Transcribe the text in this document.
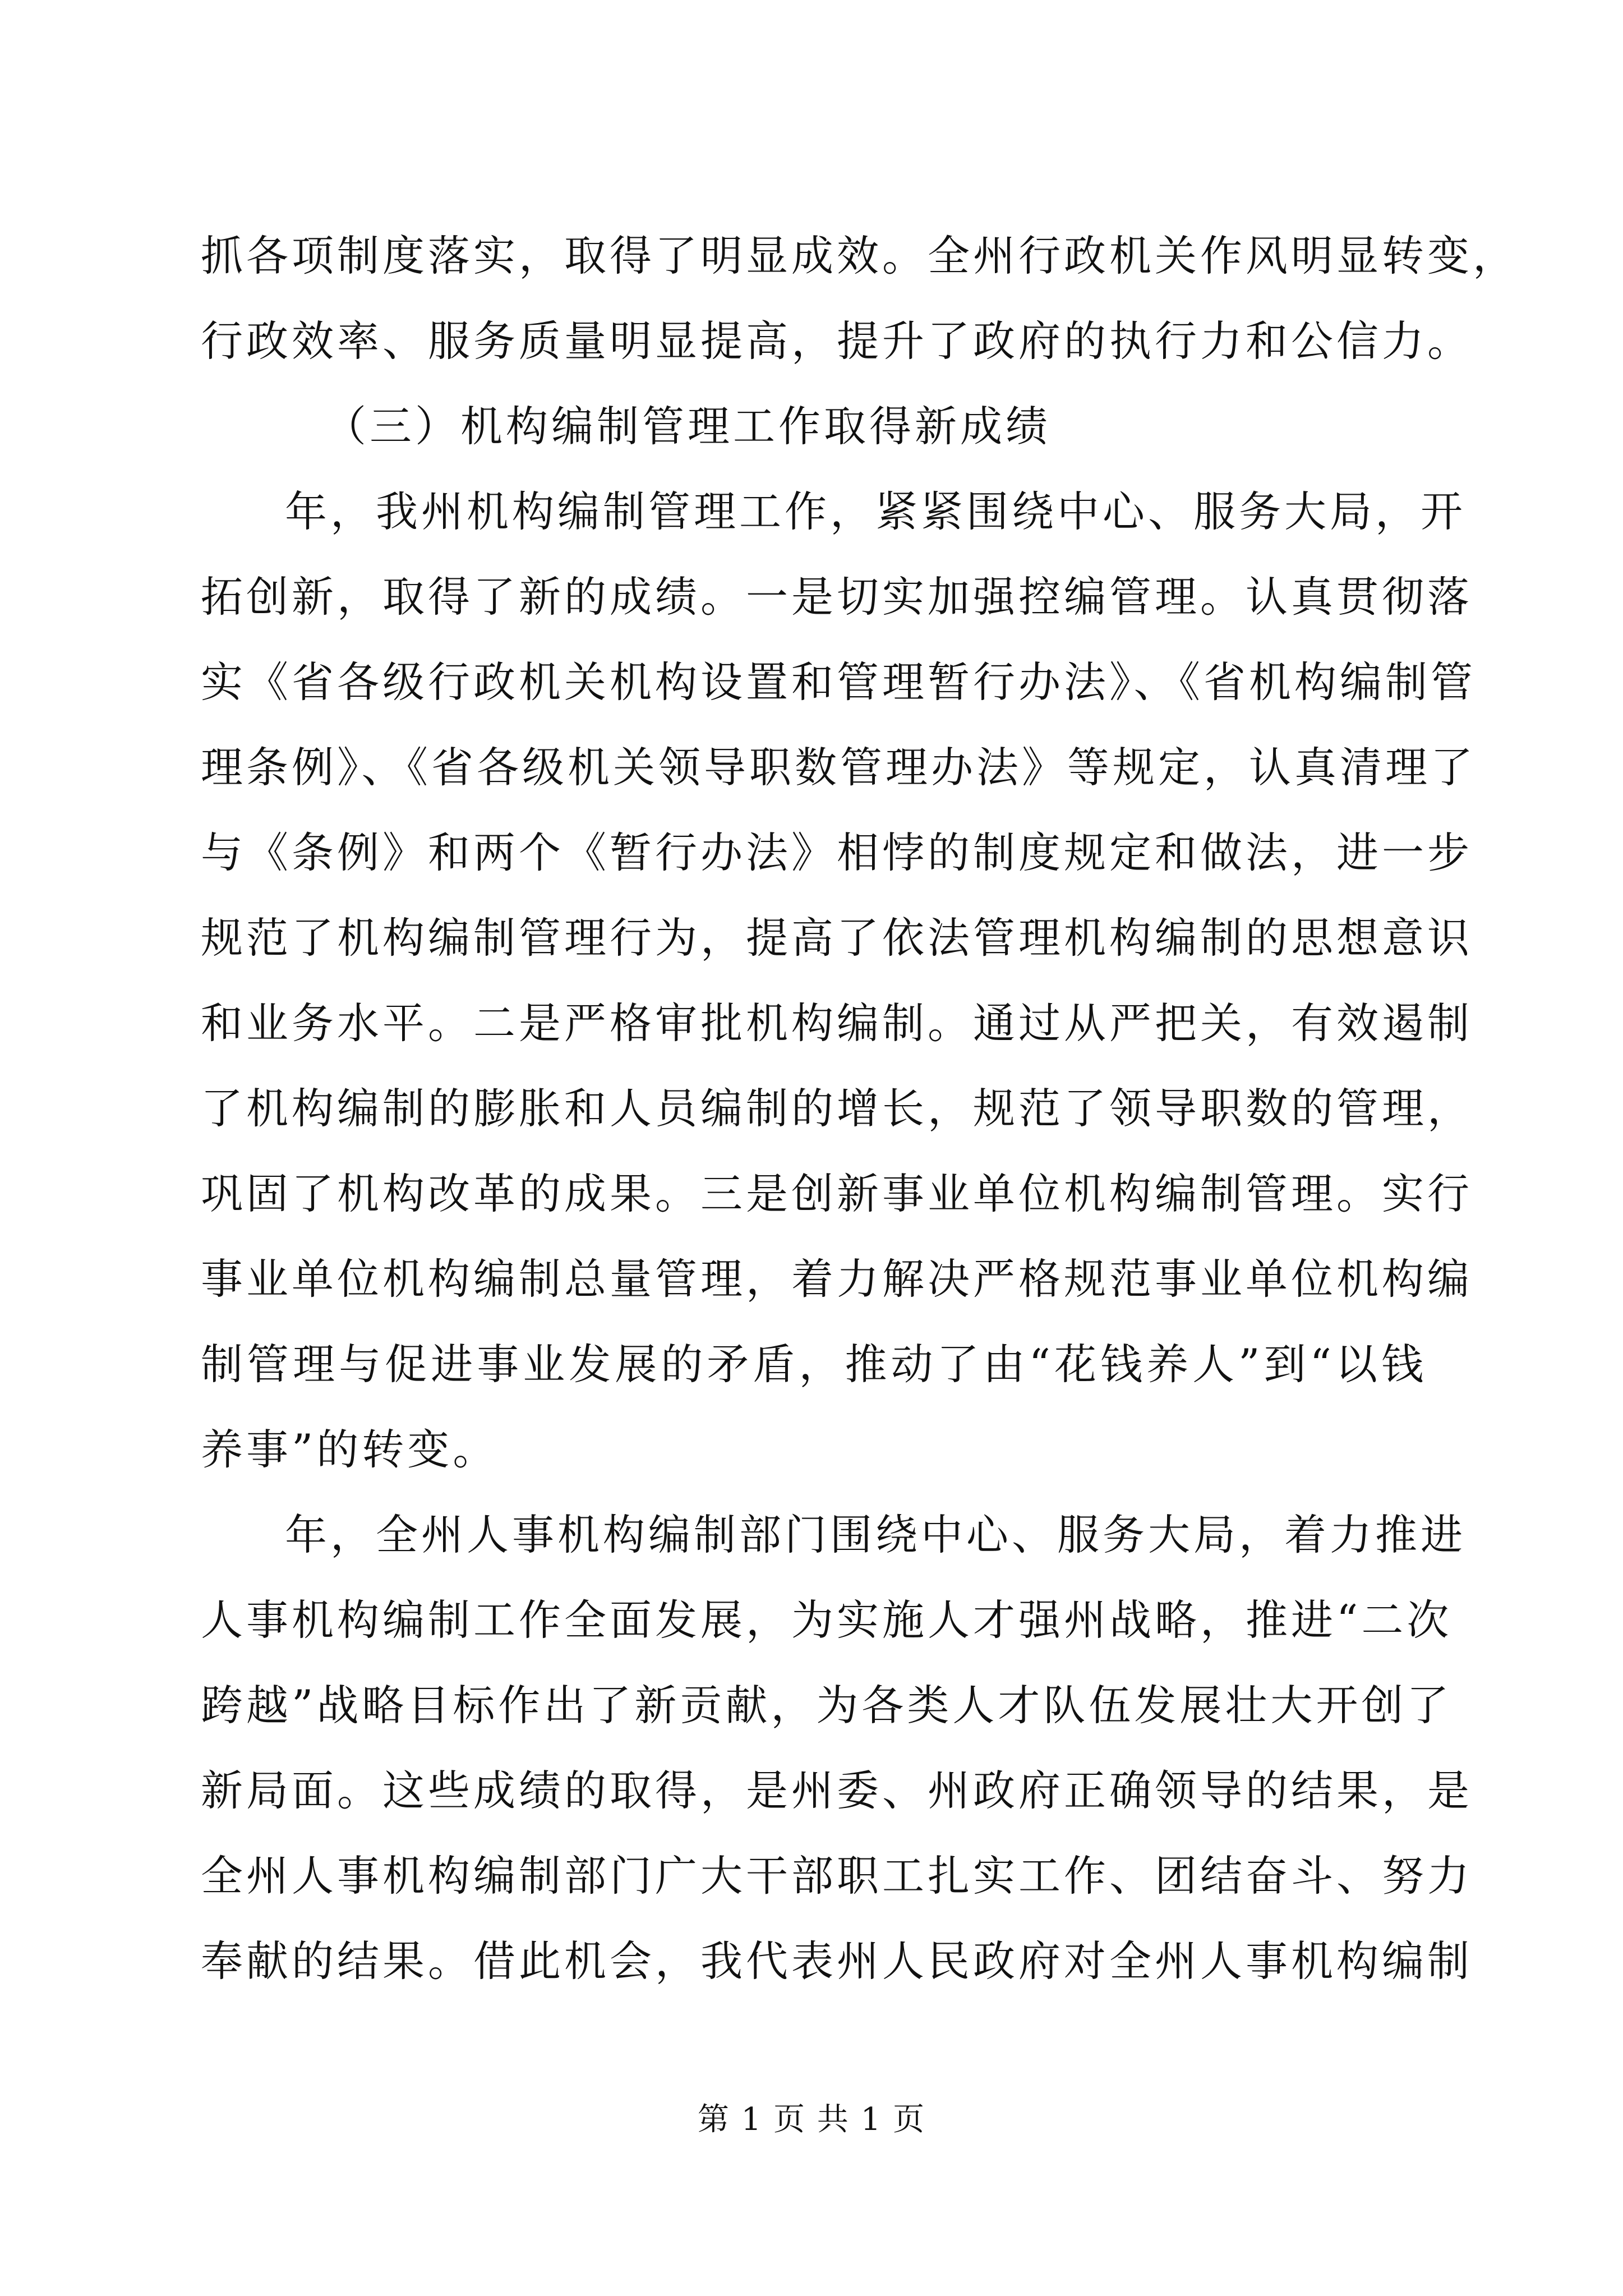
抓各项制度落实，取得了明显成效。全州行政机关作风明显转变，
行政效率、服务质量明显提高，提升了政府的执行力和公信力。
（三）机构编制管理工作取得新成绩
年，我州机构编制管理工作，紧紧围绕中心、服务大局，开
拓创新，取得了新的成绩。一是切实加强控编管理。认真贯彻落
实《省各级行政机关机构设置和管理暂行办法》、《省机构编制管
理条例》、《省各级机关领导职数管理办法》等规定，认真清理了
与《条例》和两个《暂行办法》相悖的制度规定和做法，进一步
规范了机构编制管理行为，提高了依法管理机构编制的思想意识
和业务水平。二是严格审批机构编制。通过从严把关，有效遏制
了机构编制的膨胀和人员编制的增长，规范了领导职数的管理，
巩固了机构改革的成果。三是创新事业单位机构编制管理。实行
事业单位机构编制总量管理，着力解决严格规范事业单位机构编
制管理与促进事业发展的矛盾，推动了由“花钱养人”到“以钱
养事”的转变。
年，全州人事机构编制部门围绕中心、服务大局，着力推进
人事机构编制工作全面发展，为实施人才强州战略，推进“二次
跨越”战略目标作出了新贡献，为各类人才队伍发展壮大开创了
新局面。这些成绩的取得，是州委、州政府正确领导的结果，是
全州人事机构编制部门广大干部职工扎实工作、团结奋斗、努力
奉献的结果。借此机会，我代表州人民政府对全州人事机构编制
第 1 页 共 1 页
